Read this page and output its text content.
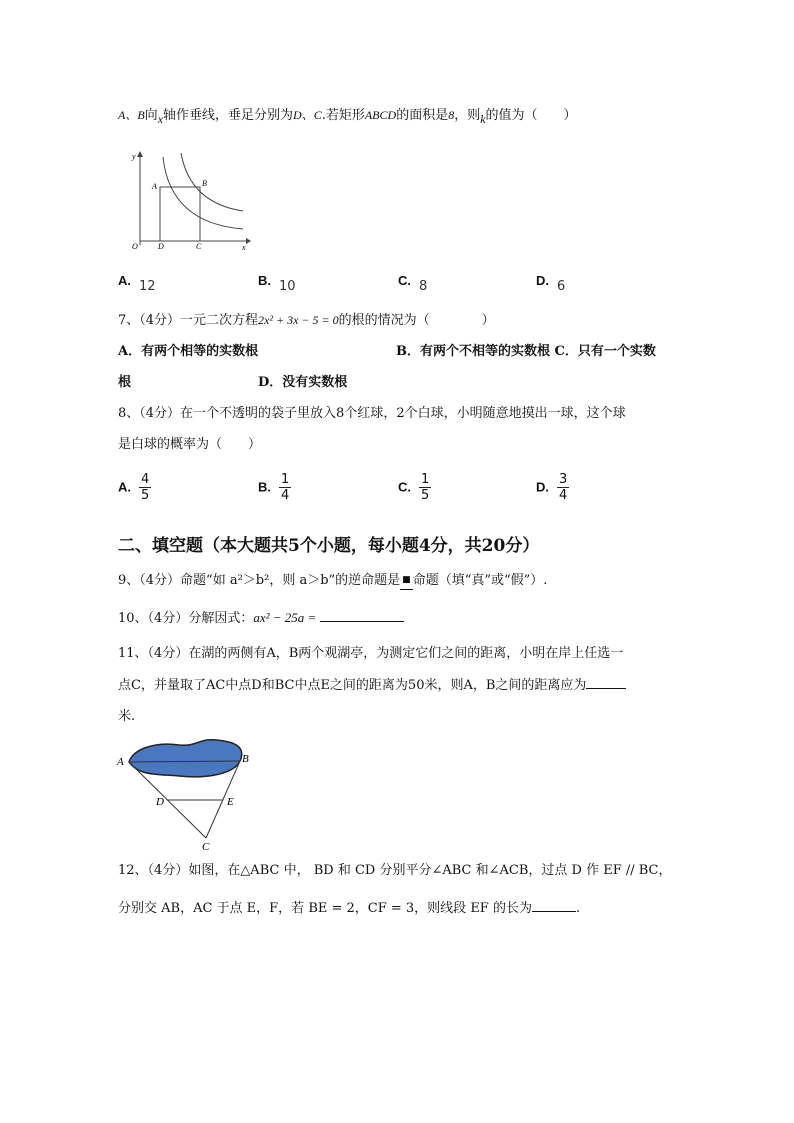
A、B向x轴作垂线，垂足分别为D、C.若矩形ABCD的面积是8，则k的值为（　　）
y
A	B
O	D	C	x
A. 12	B. 10	C. 8	D. 6
7、（4分）一元二次方程2x² + 3x − 5 = 0的根的情况为（　　　　）
A．有两个相等的实数根	B．有两个不相等的实数根 C．只有一个实数
根	D．没有实数根
8、（4分）在一个不透明的袋子里放入8个红球，2个白球，小明随意地摸出一球，这个球
是白球的概率为（　　）
A. $\frac{4}{5}$	B. $\frac{1}{4}$	C. $\frac{1}{5}$	D. $\frac{3}{4}$
二、填空题（本大题共5个小题，每小题4分，共20分）
9、（4分）命题“如 a²＞b²，则 a＞b”的逆命题是 ■ 命题（填“真”或“假”）.
10、（4分）分解因式：ax² − 25a =
11、（4分）在湖的两侧有A，B两个观湖亭，为测定它们之间的距离，小明在岸上任选一
点C，并量取了AC中点D和BC中点E之间的距离为50米，则A，B之间的距离应为
米.
A	B
D	E
C
12、（4分）如图，在△ABC 中， BD 和 CD 分别平分∠ABC 和∠ACB，过点 D 作 EF // BC，
分别交 AB，AC 于点 E，F，若 BE = 2，CF = 3，则线段 EF 的长为	.
